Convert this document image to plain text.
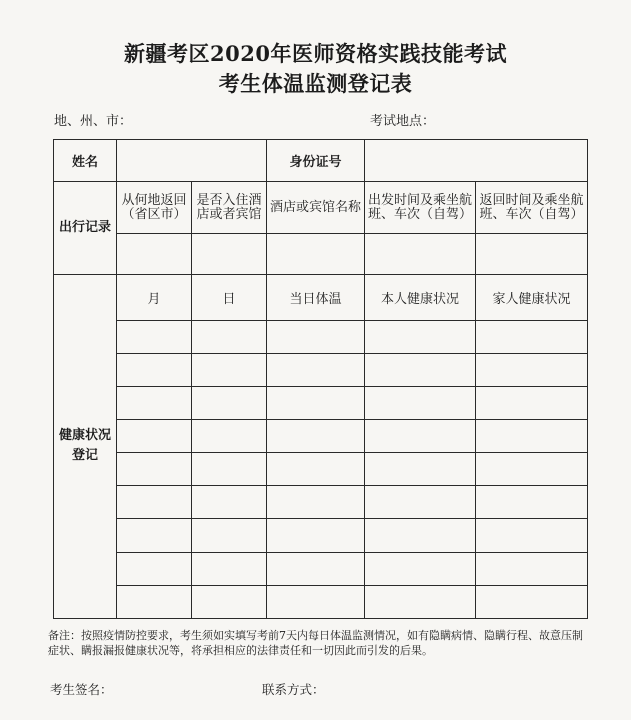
新疆考区2020年医师资格实践技能考试
考生体温监测登记表
地、州、市：	考试地点：
姓名			身份证号		
出行记录	从何地返回（省区市）	是否入住酒店或者宾馆	酒店或宾馆名称	出发时间及乘坐航班、车次（自驾）	返回时间及乘坐航班、车次（自驾）

健康状况登记	月	日	当日体温	本人健康状况	家人健康状况

备注：按照疫情防控要求，考生须如实填写考前7天内每日体温监测情况，如有隐瞒病情、隐瞒行程、故意压制症状、瞒报漏报健康状况等，将承担相应的法律责任和一切因此而引发的后果。
考生签名：	联系方式：
